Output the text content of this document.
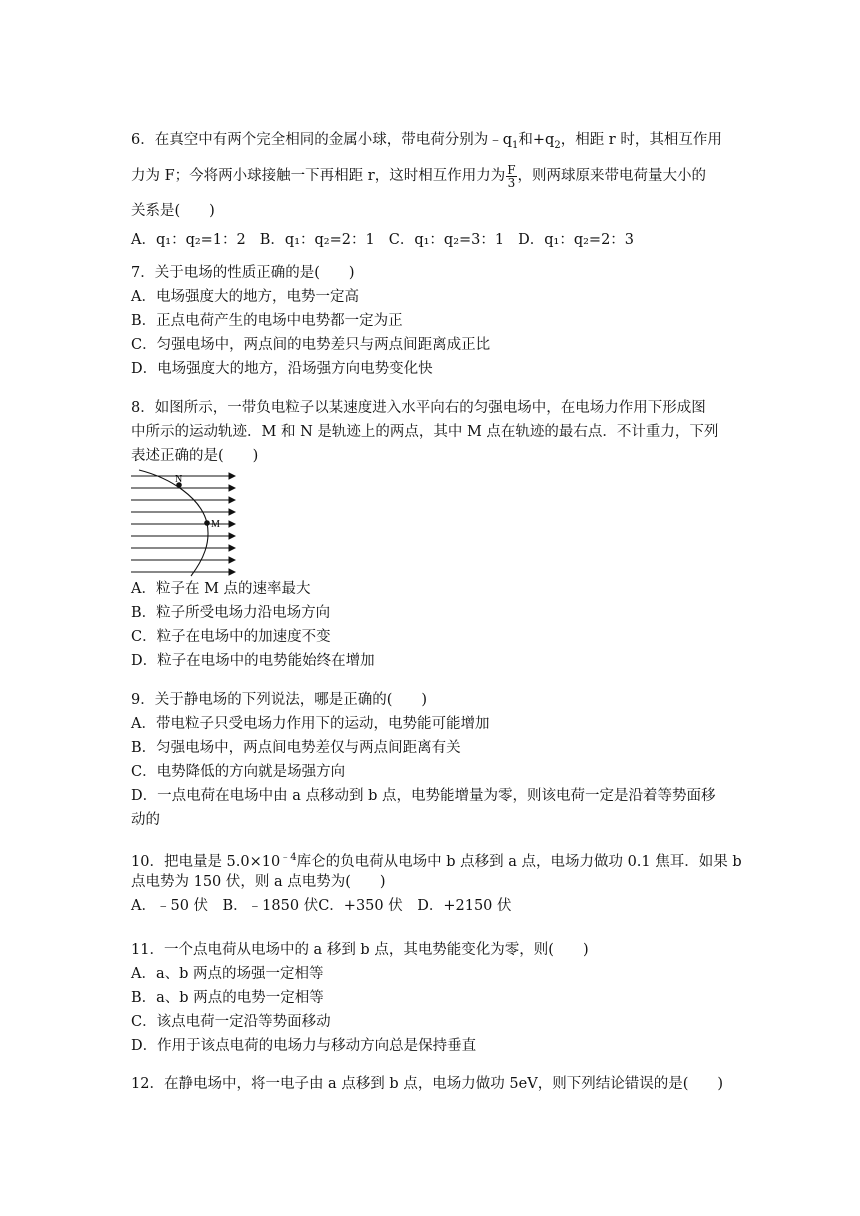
6．在真空中有两个完全相同的金属小球，带电荷分别为$﹣q_1$和$+q_2$，相距 r 时，其相互作用
力为 F；今将两小球接触一下再相距 r，这时相互作用力为 $\frac{F}{3}$ ，则两球原来带电荷量大小的
关系是(　　)
A．q₁：q₂=1：2 B．q₁：q₂=2：1 C．q₁：q₂=3：1 D．q₁：q₂=2：3
7．关于电场的性质正确的是(　　)
A．电场强度大的地方，电势一定高
B．正点电荷产生的电场中电势都一定为正
C．匀强电场中，两点间的电势差只与两点间距离成正比
D．电场强度大的地方，沿场强方向电势变化快
8．如图所示，一带负电粒子以某速度进入水平向右的匀强电场中，在电场力作用下形成图
中所示的运动轨迹．M 和 N 是轨迹上的两点，其中 M 点在轨迹的最右点．不计重力，下列
表述正确的是(　　)
N
M
A．粒子在 M 点的速率最大
B．粒子所受电场力沿电场方向
C．粒子在电场中的加速度不变
D．粒子在电场中的电势能始终在增加
9．关于静电场的下列说法，哪是正确的(　　)
A．带电粒子只受电场力作用下的运动，电势能可能增加
B．匀强电场中，两点间电势差仅与两点间距离有关
C．电势降低的方向就是场强方向
D．一点电荷在电场中由 a 点移动到 b 点，电势能增量为零，则该电荷一定是沿着等势面移
动的
10．把电量是 $5.0\times 10^{﹣4}$库仑的负电荷从电场中 b 点移到 a 点，电场力做功 0.1 焦耳．如果 b
点电势为 150 伏，则 a 点电势为(　　)
A．﹣50 伏　B．﹣1850 伏C．+350 伏　D．+2150 伏
11．一个点电荷从电场中的 a 移到 b 点，其电势能变化为零，则(　　)
A．a、b 两点的场强一定相等
B．a、b 两点的电势一定相等
C．该点电荷一定沿等势面移动
D．作用于该点电荷的电场力与移动方向总是保持垂直
12．在静电场中，将一电子由 a 点移到 b 点，电场力做功 5eV，则下列结论错误的是(　　)
